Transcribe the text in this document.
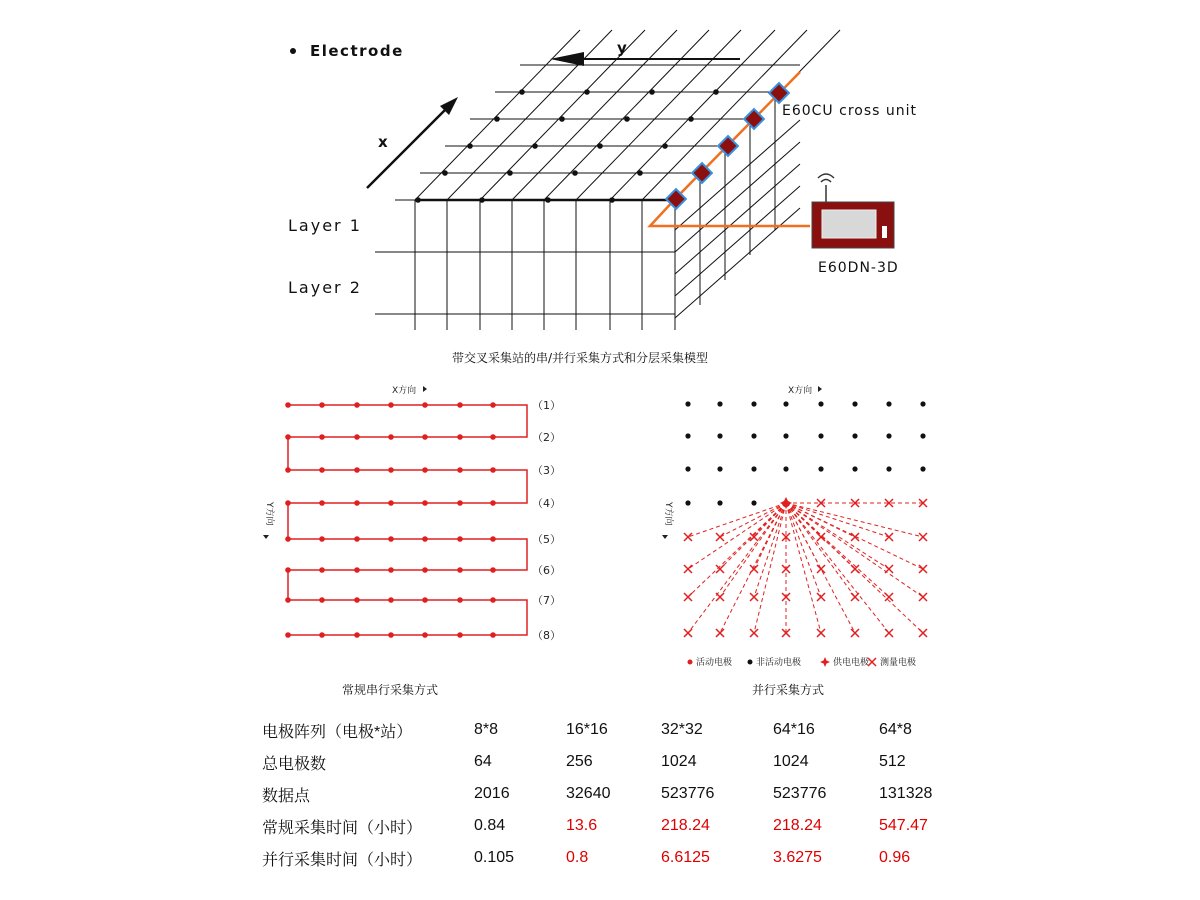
Electrode	y
x
Layer 1
Layer 2
E60CU cross unit
E60DN-3D
带交叉采集站的串/并行采集方式和分层采集模型
X方向
Y方向
（1）
（2）
（3）
（4）
（5）
（6）
（7）
（8）
常规串行采集方式
X方向
Y方向
活动电极	非活动电极	供电电极 测量电极
并行采集方式
电极阵列（电极*站）	8*8	16*16	32*32	64*16	64*8
总电极数	64	256	1024	1024	512
数据点	2016	32640	523776	523776	131328
常规采集时间（小时）	0.84	13.6	218.24	218.24	547.47
并行采集时间（小时）	0.105	0.8	6.6125	3.6275	0.96
